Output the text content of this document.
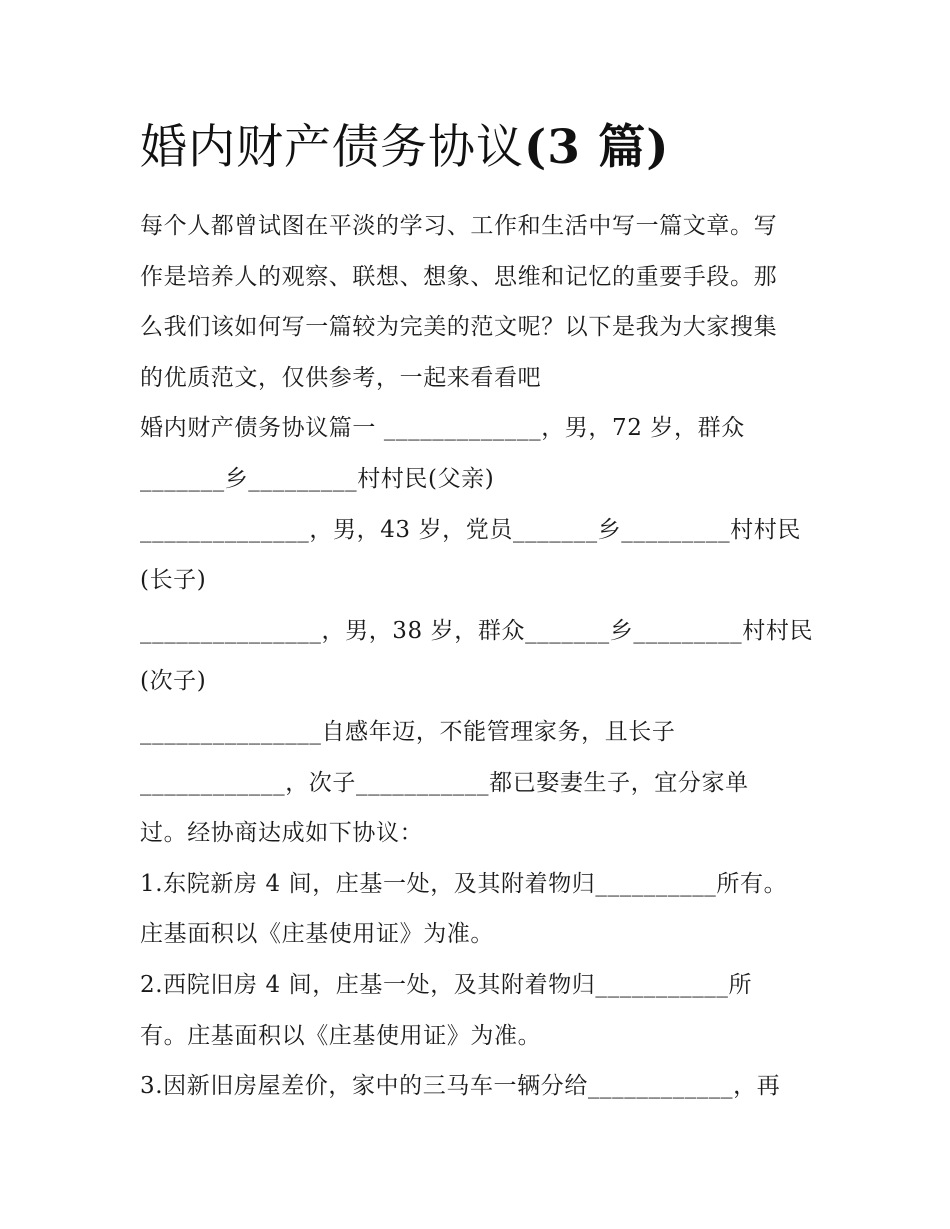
婚内财产债务协议(3 篇)
每个人都曾试图在平淡的学习、工作和生活中写一篇文章。写
作是培养人的观察、联想、想象、思维和记忆的重要手段。那
么我们该如何写一篇较为完美的范文呢？以下是我为大家搜集
的优质范文，仅供参考，一起来看看吧
婚内财产债务协议篇一 _____________，男，72 岁，群众
_______乡_________村村民(父亲)
______________，男，43 岁，党员_______乡_________村村民
(长子)
_______________，男，38 岁，群众_______乡_________村村民
(次子)
_______________自感年迈，不能管理家务，且长子
____________，次子___________都已娶妻生子，宜分家单
过。经协商达成如下协议：
1.东院新房 4 间，庄基一处，及其附着物归__________所有。
庄基面积以《庄基使用证》为准。
2.西院旧房 4 间，庄基一处，及其附着物归___________所
有。庄基面积以《庄基使用证》为准。
3.因新旧房屋差价，家中的三马车一辆分给____________，再
